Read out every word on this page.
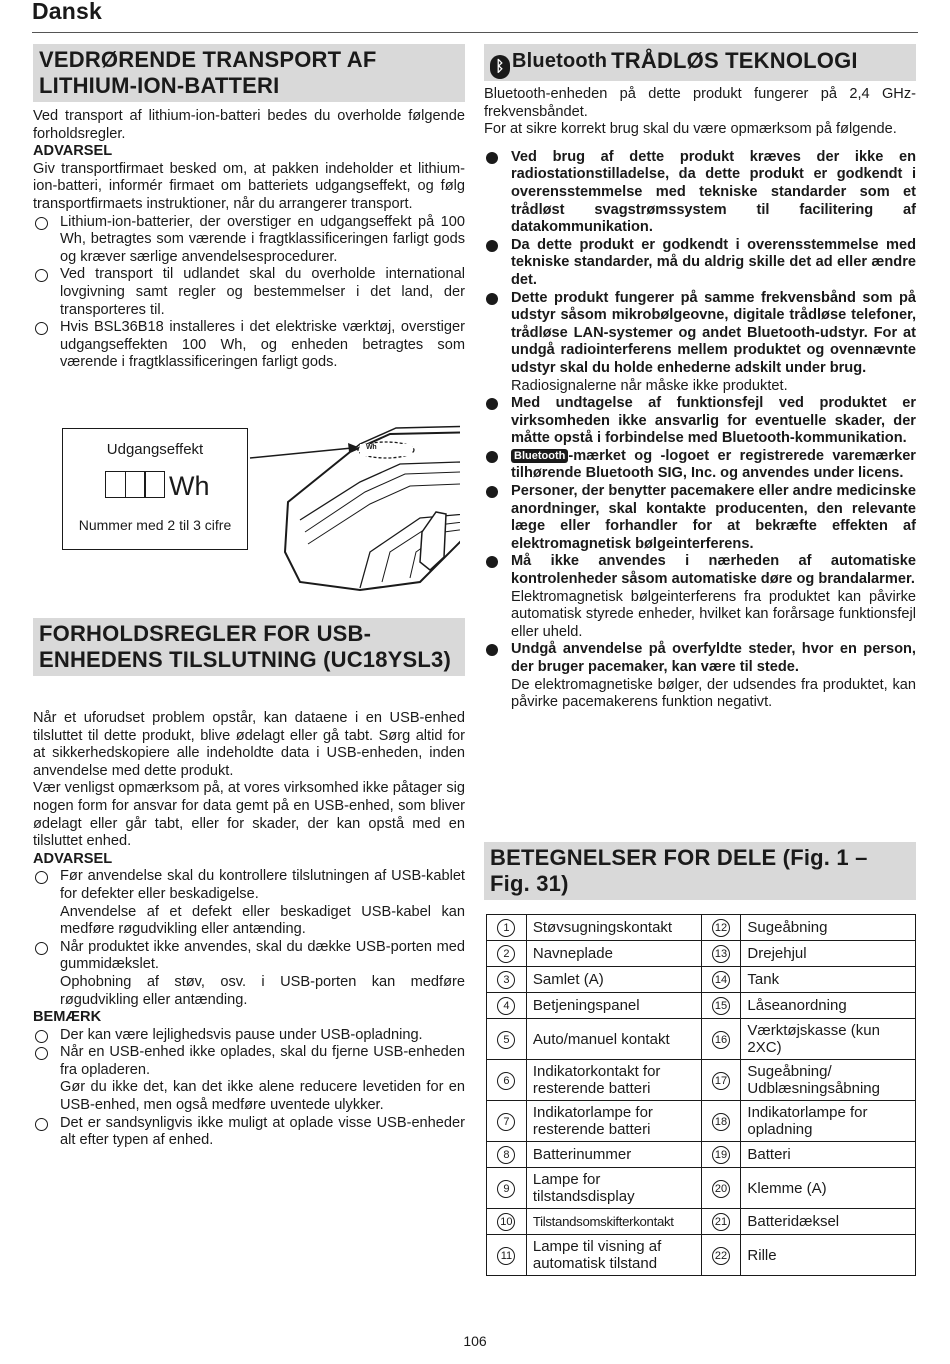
Dansk
VEDRØRENDE TRANSPORT AF LITHIUM-ION-BATTERI

Ved transport af lithium-ion-batteri bedes du overholde følgende forholdsregler.

ADVARSEL

Giv transportfirmaet besked om, at pakken indeholder et lithium-ion-batteri, informér firmaet om batteriets udgangseffekt, og følg transportfirmaets instruktioner, når du arrangerer transport.

Lithium-ion-batterier, der overstiger en udgangseffekt på 100 Wh, betragtes som værende i fragtklassificeringen farligt gods og kræver særlige anvendelsesprocedurer.
Ved transport til udlandet skal du overholde international lovgivning samt regler og bestemmelser i det land, der transporteres til.
Hvis BSL36B18 installeres i det elektriske værktøj, overstiger udgangseffekten 100 Wh, og enheden betragtes som værende i fragtklassificeringen farligt gods.
Wh
Udgangseffekt
Wh
Nummer med 2 til 3 cifre
FORHOLDSREGLER FOR USB-ENHEDENS TILSLUTNING (UC18YSL3)

Når et uforudset problem opstår, kan dataene i en USB-enhed tilsluttet til dette produkt, blive ødelagt eller gå tabt. Sørg altid for at sikkerhedskopiere alle indeholdte data i USB-enheden, inden anvendelse med dette produkt.

Vær venligst opmærksom på, at vores virksomhed ikke påtager sig nogen form for ansvar for data gemt på en USB-enhed, som bliver ødelagt eller går tabt, eller for skader, der kan opstå med en tilsluttet enhed.

ADVARSEL

Før anvendelse skal du kontrollere tilslutningen af USB-kablet for defekter eller beskadigelse.
Anvendelse af et defekt eller beskadiget USB-kabel kan medføre røgudvikling eller antænding.
Når produktet ikke anvendes, skal du dække USB-porten med gummidækslet.
Ophobning af støv, osv. i USB-porten kan medføre røgudvikling eller antænding.

BEMÆRK

Der kan være lejlighedsvis pause under USB-opladning.
Når en USB-enhed ikke oplades, skal du fjerne USB-enheden fra opladeren.
Gør du ikke det, kan det ikke alene reducere levetiden for en USB-enhed, men også medføre uventede ulykker.
Det er sandsynligvis ikke muligt at oplade visse USB-enheder alt efter typen af enhed.
ᛒ Bluetooth TRÅDLØS TEKNOLOGI

Bluetooth-enheden på dette produkt fungerer på 2,4 GHz-frekvensbåndet.

For at sikre korrekt brug skal du være opmærksom på følgende.

Ved brug af dette produkt kræves der ikke en radiostationstilladelse, da dette produkt er godkendt i overensstemmelse med tekniske standarder som et trådløst svagstrømssystem til facilitering af datakommunikation.
Da dette produkt er godkendt i overensstemmelse med tekniske standarder, må du aldrig skille det ad eller ændre det.
Dette produkt fungerer på samme frekvensbånd som på udstyr såsom mikrobølgeovne, digitale trådløse telefoner, trådløse LAN-systemer og andet Bluetooth-udstyr. For at undgå radiointerferens mellem produktet og ovennævnte udstyr skal du holde enhederne adskilt under brug.
Radiosignalerne når måske ikke produktet.
Med undtagelse af funktionsfejl ved produktet er virksomheden ikke ansvarlig for eventuelle skader, der måtte opstå i forbindelse med Bluetooth-kommunikation.
Bluetooth -mærket og -logoet er registrerede varemærker tilhørende Bluetooth SIG, Inc. og anvendes under licens.
Personer, der benytter pacemakere eller andre medicinske anordninger, skal kontakte producenten, den relevante læge eller forhandler for at bekræfte effekten af elektromagnetisk bølgeinterferens.
Må ikke anvendes i nærheden af automatiske kontrolenheder såsom automatiske døre og brandalarmer.
Elektromagnetisk bølgeinterferens fra produktet kan påvirke automatisk styrede enheder, hvilket kan forårsage funktionsfejl eller uheld.
Undgå anvendelse på overfyldte steder, hvor en person, der bruger pacemaker, kan være til stede.
De elektromagnetiske bølger, der udsendes fra produktet, kan påvirke pacemakerens funktion negativt.
BETEGNELSER FOR DELE (Fig. 1 – Fig. 31)
1	Støvsugningskontakt	12	Sugeåbning
2	Navneplade	13	Drejehjul
3	Samlet (A)	14	Tank
4	Betjeningspanel	15	Låseanordning
5	Auto/manuel kontakt	16	Værktøjskasse (kun 2XC)
6	Indikatorkontakt for resterende batteri	17	Sugeåbning/ Udblæsningsåbning
7	Indikatorlampe for resterende batteri	18	Indikatorlampe for opladning
8	Batterinummer	19	Batteri
9	Lampe for tilstandsdisplay	20	Klemme (A)
10	Tilstandsomskifterkontakt	21	Batteridæksel
11	Lampe til visning af automatisk tilstand	22	Rille
106
